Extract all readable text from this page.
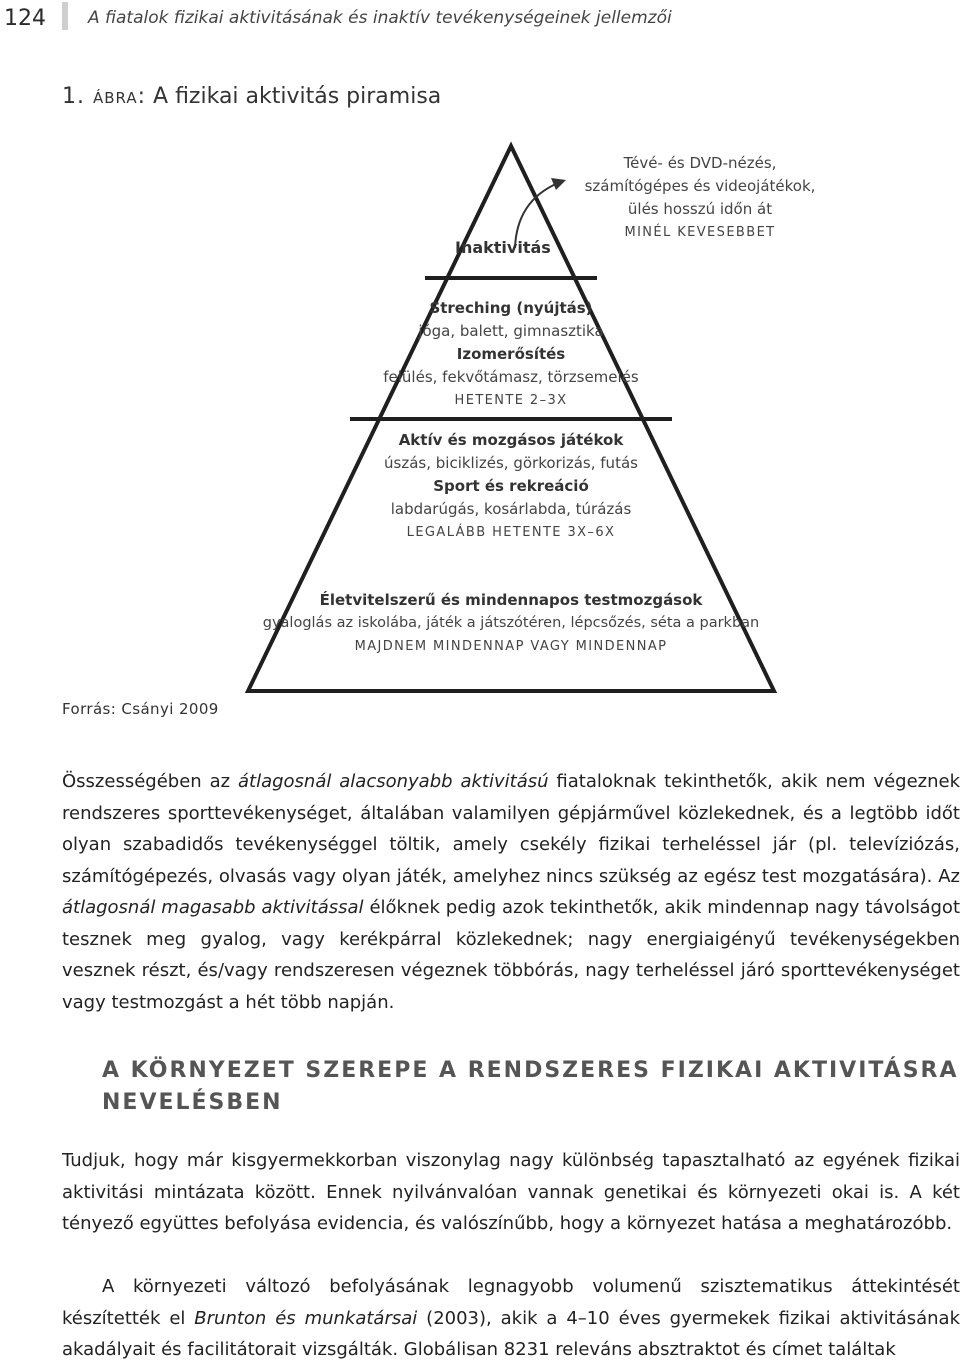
124 A fiatalok fizikai aktivitásának és inaktív tevékenységeinek jellemzői
1. ábra: A fizikai aktivitás piramisa
Inaktivitás
Tévé- és DVD-nézés,
számítógépes és videojátékok,
ülés hosszú időn át
MINÉL KEVESEBBET
Streching (nyújtás)
jóga, balett, gimnasztika
Izomerősítés
felülés, fekvőtámasz, törzsemelés
HETENTE 2–3X
Aktív és mozgásos játékok
úszás, biciklizés, görkorizás, futás
Sport és rekreáció
labdarúgás, kosárlabda, túrázás
LEGALÁBB HETENTE 3X–6X
Életvitelszerű és mindennapos testmozgások
gyaloglás az iskolába, játék a játszótéren, lépcsőzés, séta a parkban
MAJDNEM MINDENNAP VAGY MINDENNAP
Forrás: Csányi 2009

Összességében az átlagosnál alacsonyabb aktivitású fiataloknak tekinthetők, akik nem végeznek rendszeres sporttevékenységet, általában valamilyen gépjárművel közlekednek, és a legtöbb időt olyan szabadidős tevékenységgel töltik, amely csekély fizikai terheléssel jár (pl. televíziózás, számítógépezés, olvasás vagy olyan játék, amelyhez nincs szükség az egész test mozgatására). Az átlagosnál magasabb aktivitással élőknek pedig azok tekinthetők, akik mindennap nagy távolságot tesznek meg gyalog, vagy kerékpárral közlekednek; nagy energiaigényű tevékenységekben vesznek részt, és/vagy rendszeresen végeznek többórás, nagy terheléssel járó sporttevékenységet vagy testmozgást a hét több napján.

A KÖRNYEZET SZEREPE A RENDSZERES FIZIKAI AKTIVITÁSRA NEVELÉSBEN

Tudjuk, hogy már kisgyermekkorban viszonylag nagy különbség tapasztalható az egyének fizikai aktivitási mintázata között. Ennek nyilvánvalóan vannak genetikai és környezeti okai is. A két tényező együttes befolyása evidencia, és valószínűbb, hogy a környezet hatása a meghatározóbb.

A környezeti változó befolyásának legnagyobb volumenű szisztematikus áttekintését készítették el Brunton és munkatársai (2003), akik a 4–10 éves gyermekek fizikai aktivitásának akadályait és facilitátorait vizsgálták. Globálisan 8231 releváns absztraktot és címet találtak
